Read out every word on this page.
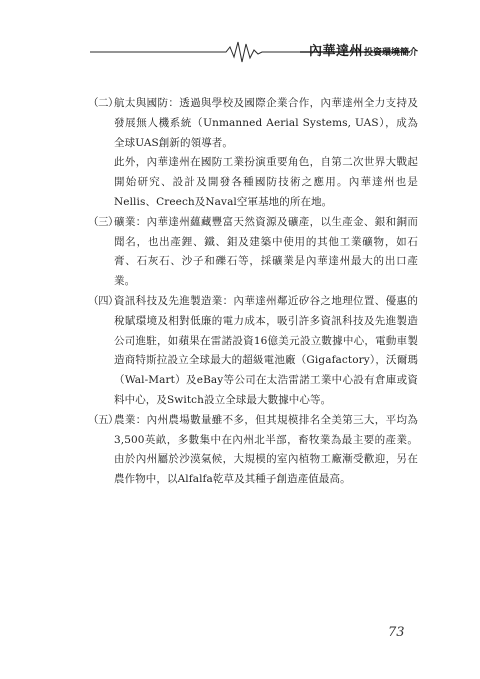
內華達州投資環境簡介
（二）

航太與國防：透過與學校及國際企業合作，內華達州全力支持及發展無人機系統（Unmanned Aerial Systems, UAS），成為全球UAS創新的領導者。

此外，內華達州在國防工業扮演重要角色，自第二次世界大戰起開始研究、設計及開發各種國防技術之應用。內華達州也是Nellis、Creech及Naval空軍基地的所在地。

（三）

礦業：內華達州蘊藏豐富天然資源及礦產，以生產金、銀和銅而聞名，也出產鋰、鐵、鉬及建築中使用的其他工業礦物，如石膏、石灰石、沙子和礫石等，採礦業是內華達州最大的出口產業。

（四）

資訊科技及先進製造業：內華達州鄰近矽谷之地理位置、優惠的稅賦環境及相對低廉的電力成本，吸引許多資訊科技及先進製造公司進駐，如蘋果在雷諾設資16億美元設立數據中心，電動車製造商特斯拉設立全球最大的超級電池廠（Gigafactory），沃爾瑪（Wal-Mart）及eBay等公司在太浩雷諾工業中心設有倉庫或資料中心，及Switch設立全球最大數據中心等。

（五）

農業：內州農場數量雖不多，但其規模排名全美第三大，平均為3,500英畝，多數集中在內州北半部，畜牧業為最主要的產業。由於內州屬於沙漠氣候，大規模的室內植物工廠漸受歡迎，另在農作物中，以Alfalfa乾草及其種子創造產值最高。

73
